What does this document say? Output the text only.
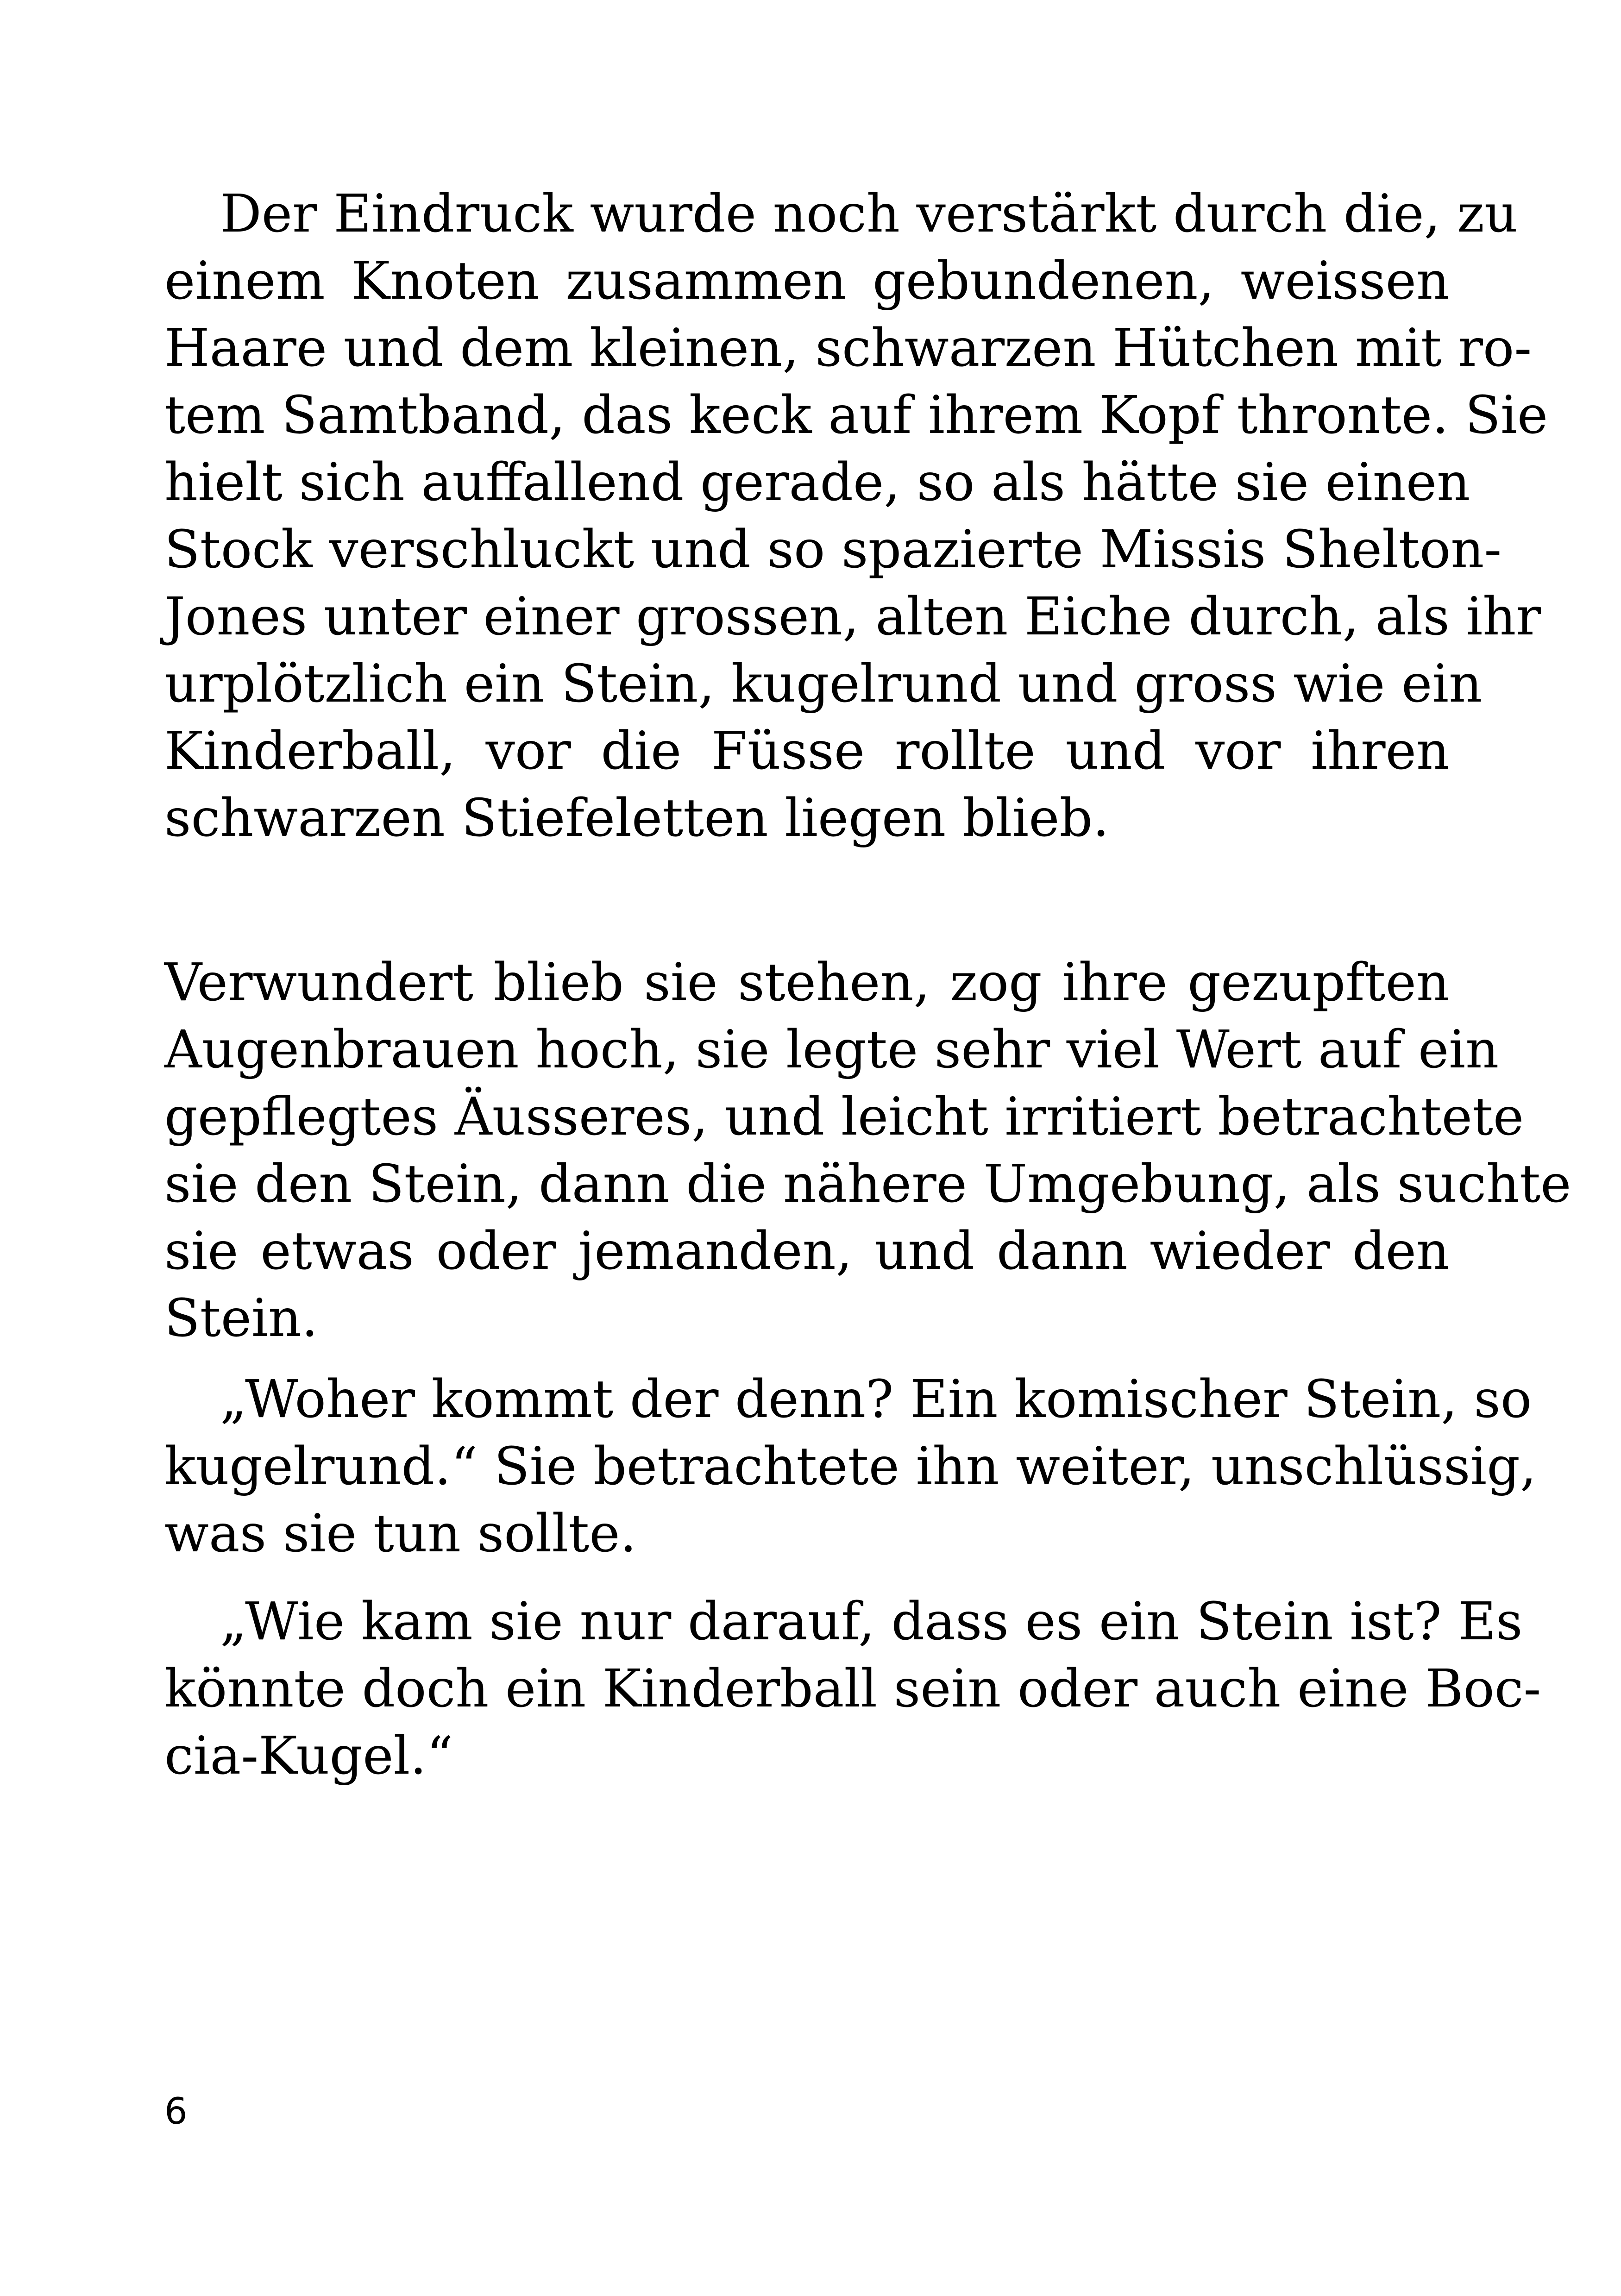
Der Eindruck wurde noch verstärkt durch die, zu
einem Knoten zusammen gebundenen, weissen
Haare und dem kleinen, schwarzen Hütchen mit ro-
tem Samtband, das keck auf ihrem Kopf thronte. Sie
hielt sich auffallend gerade, so als hätte sie einen
Stock verschluckt und so spazierte Missis Shelton-
Jones unter einer grossen, alten Eiche durch, als ihr
urplötzlich ein Stein, kugelrund und gross wie ein
Kinderball, vor die Füsse rollte und vor ihren
schwarzen Stiefeletten liegen blieb.
Verwundert blieb sie stehen, zog ihre gezupften
Augenbrauen hoch, sie legte sehr viel Wert auf ein
gepflegtes Äusseres, und leicht irritiert betrachtete
sie den Stein, dann die nähere Umgebung, als suchte
sie etwas oder jemanden, und dann wieder den
Stein.
„Woher kommt der denn? Ein komischer Stein, so
kugelrund.“ Sie betrachtete ihn weiter, unschlüssig,
was sie tun sollte.
„Wie kam sie nur darauf, dass es ein Stein ist? Es
könnte doch ein Kinderball sein oder auch eine Boc-
cia-Kugel.“
6
